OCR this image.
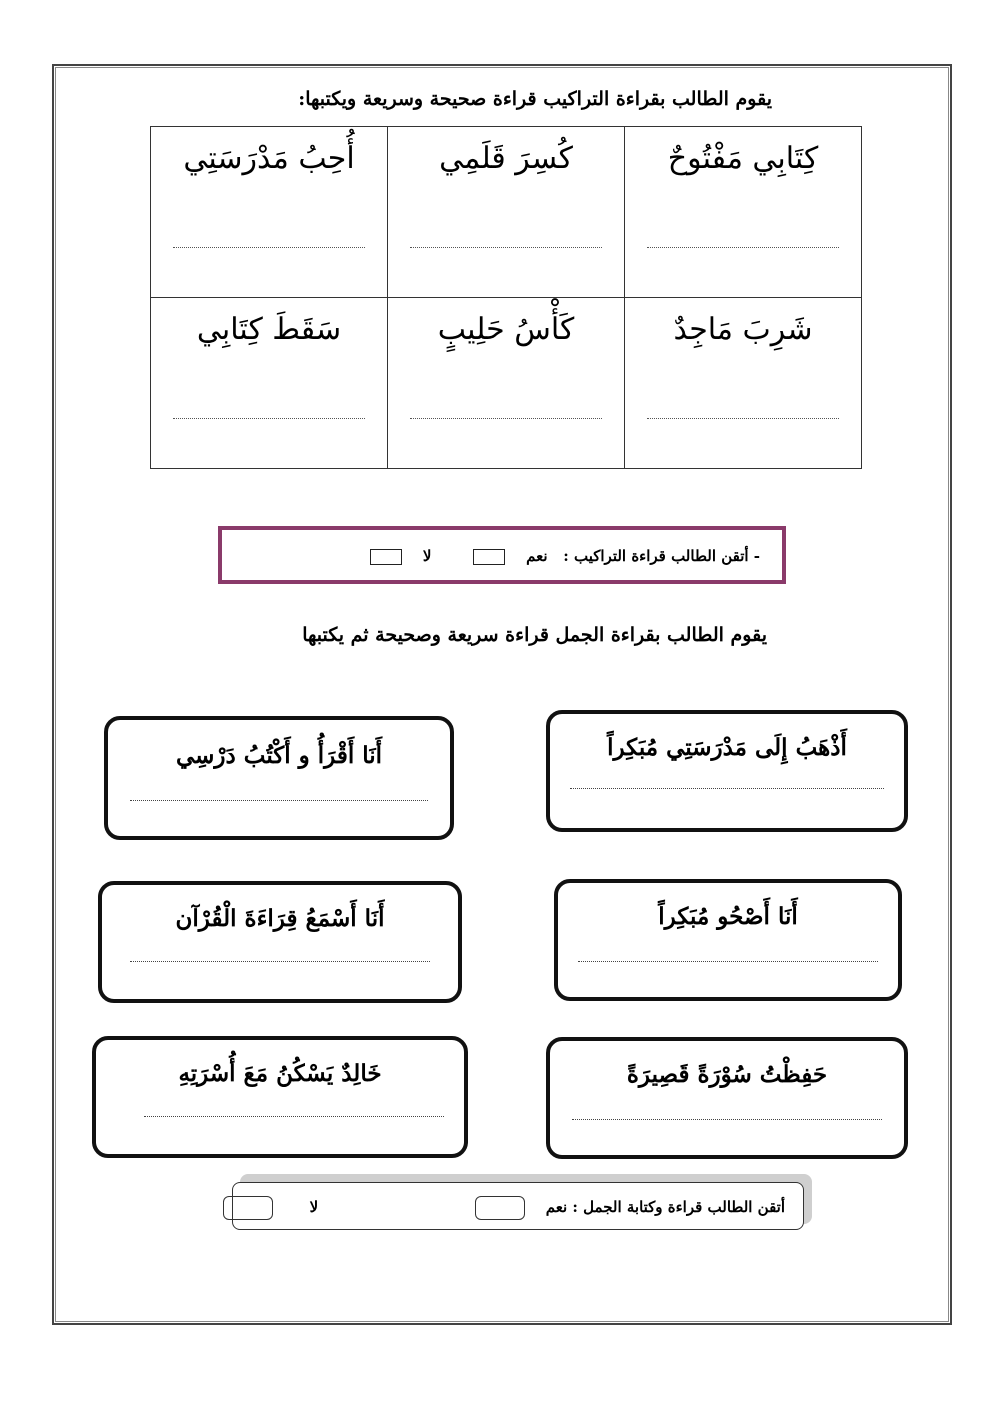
يقوم الطالب بقراءة التراكيب قراءة صحيحة وسريعة ويكتبها:
كِتَابِي مَفْتُوحٌ	كُسِرَ قَلَمِي	أُحِبُ مَدْرَسَتِي

شَرِبَ مَاجِدٌ	كَأْسُ حَلِيبٍ	سَقَطَ كِتَابِي
- أتقن الطالب قراءة التراكيب :   نعم            لا
يقوم الطالب بقراءة الجمل قراءة سريعة وصحيحة ثم يكتبها
أَذْهَبُ إِلَى مَدْرَسَتِي مُبَكِراً
أَنَا أَقْرَأُ و أَكْتُبُ دَرْسِي
أَنَا أَصْحُو مُبَكِراً
أَنَا أَسْمَعُ قِرَاءَةَ الْقُرْآن
حَفِظْتُ سُوْرَةً قَصِيرَةً
خَالِدٌ يَسْكُنُ مَعَ أُسْرَتِهِ
أتقن الطالب قراءة وكتابة الجمل : نعم                                  لا
